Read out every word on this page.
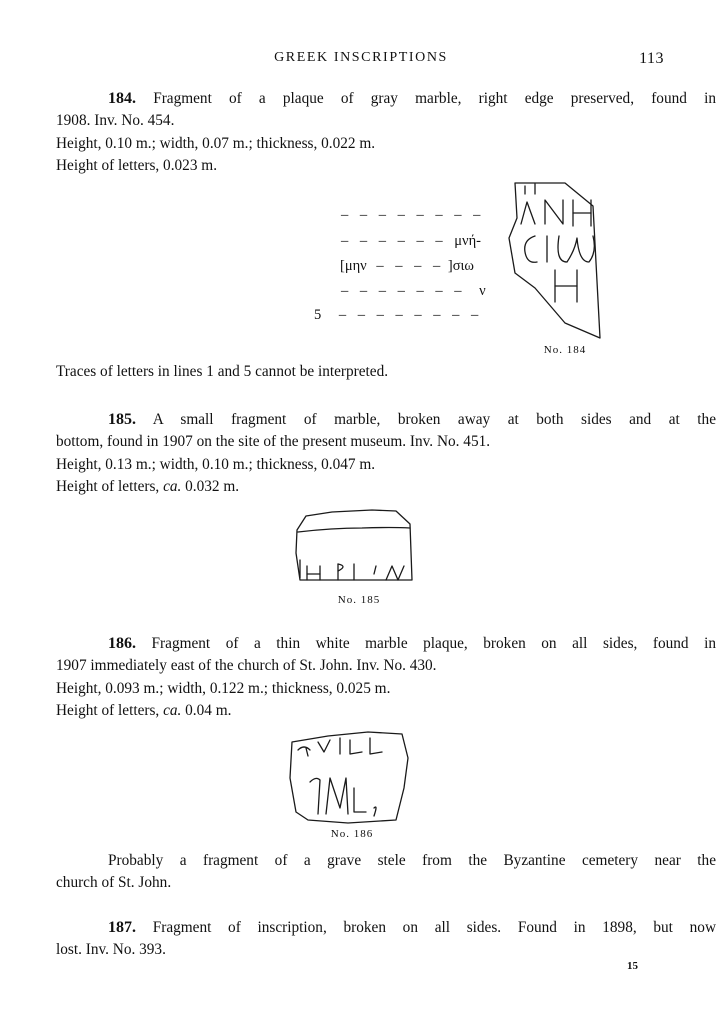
GREEK INSCRIPTIONS	113
184. Fragment of a plaque of gray marble, right edge preserved, found in
1908. Inv. No. 454.
Height, 0.10 m.; width, 0.07 m.; thickness, 0.022 m.
Height of letters, 0.023 m.
– – – – – – – –
– – – – – – μνή-
[μην – – – – ]σιω
– – – – – – – ν
5 – – – – – – – –
No. 184
Traces of letters in lines 1 and 5 cannot be interpreted.
185. A small fragment of marble, broken away at both sides and at the
bottom, found in 1907 on the site of the present museum. Inv. No. 451.
Height, 0.13 m.; width, 0.10 m.; thickness, 0.047 m.
Height of letters, ca. 0.032 m.
No. 185
186. Fragment of a thin white marble plaque, broken on all sides, found in
1907 immediately east of the church of St. John. Inv. No. 430.
Height, 0.093 m.; width, 0.122 m.; thickness, 0.025 m.
Height of letters, ca. 0.04 m.
No. 186
Probably a fragment of a grave stele from the Byzantine cemetery near the
church of St. John.
187. Fragment of inscription, broken on all sides. Found in 1898, but now
lost. Inv. No. 393.
15
